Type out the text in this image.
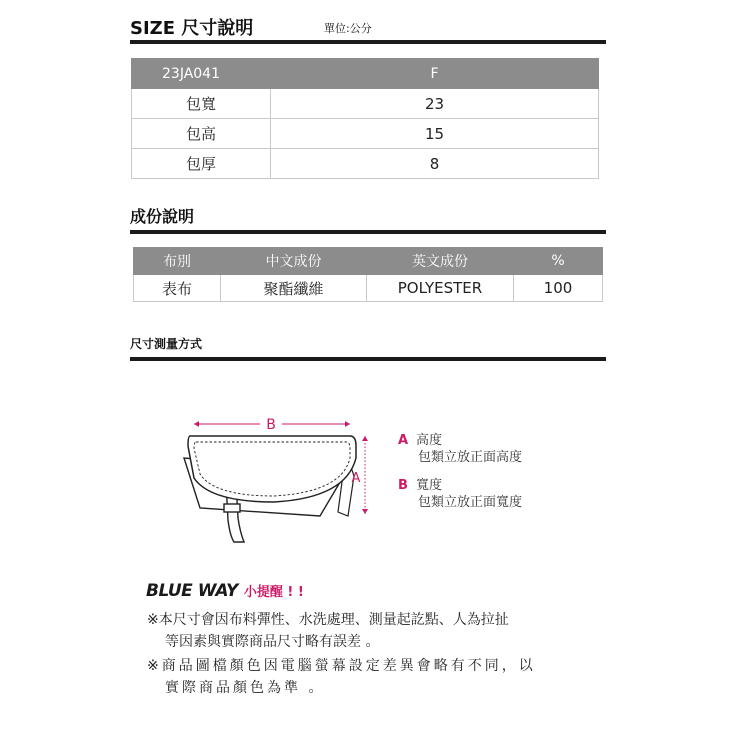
SIZE 尺寸說明	單位:公分
23JA041	F
包寬	23
包高	15
包厚	8
成份說明
布別	中文成份	英文成份	%
表布	聚酯纖維	POLYESTER	100
尺寸測量方式
B
A
A 高度
包類立放正面高度
B 寬度
包類立放正面寬度
BLUE WAY 小提醒 ! !
※本尺寸會因布料彈性、水洗處理、測量起訖點、人為拉扯
等因素與實際商品尺寸略有誤差 。
※商品圖檔顏色因電腦螢幕設定差異會略有不同，以
實際商品顏色為準 。
